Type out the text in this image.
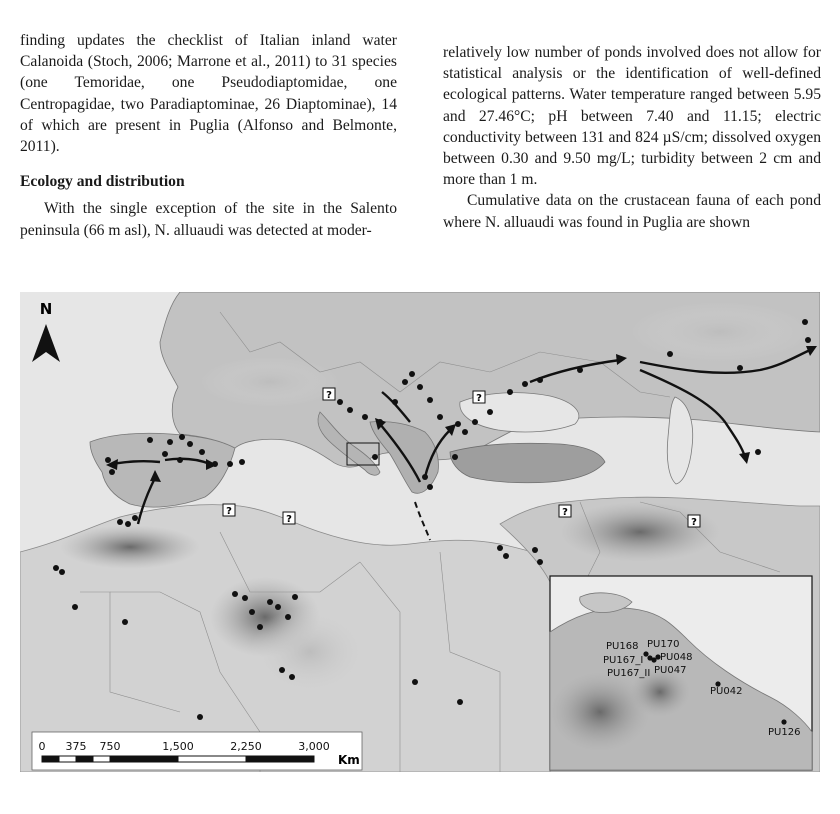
finding updates the checklist of Italian inland water Calanoida (Stoch, 2006; Marrone et al., 2011) to 31 species (one Temoridae, one Pseudodiaptomidae, one Centropagidae, two Paradiaptominae, 26 Diaptominae), 14 of which are present in Puglia (Alfonso and Belmonte, 2011).

Ecology and distribution

With the single exception of the site in the Salento peninsula (66 m asl), N. alluaudi was detected at moder-

relatively low number of ponds involved does not allow for statistical analysis or the identification of well-defined ecological patterns. Water temperature ranged between 5.95 and 27.46°C; pH between 7.40 and 11.15; electric conductivity between 131 and 824 µS/cm; dissolved oxygen between 0.30 and 9.50 mg/L; turbidity between 2 cm and more than 1 m.

Cumulative data on the crustacean fauna of each pond where N. alluaudi was found in Puglia are shown

?	?
?
?
?
?
N
0 375 750	1,500	2,250	3,000
Km
PU168 PU170
PU167_I PU048
PU167_II PU047
PU042
PU126
